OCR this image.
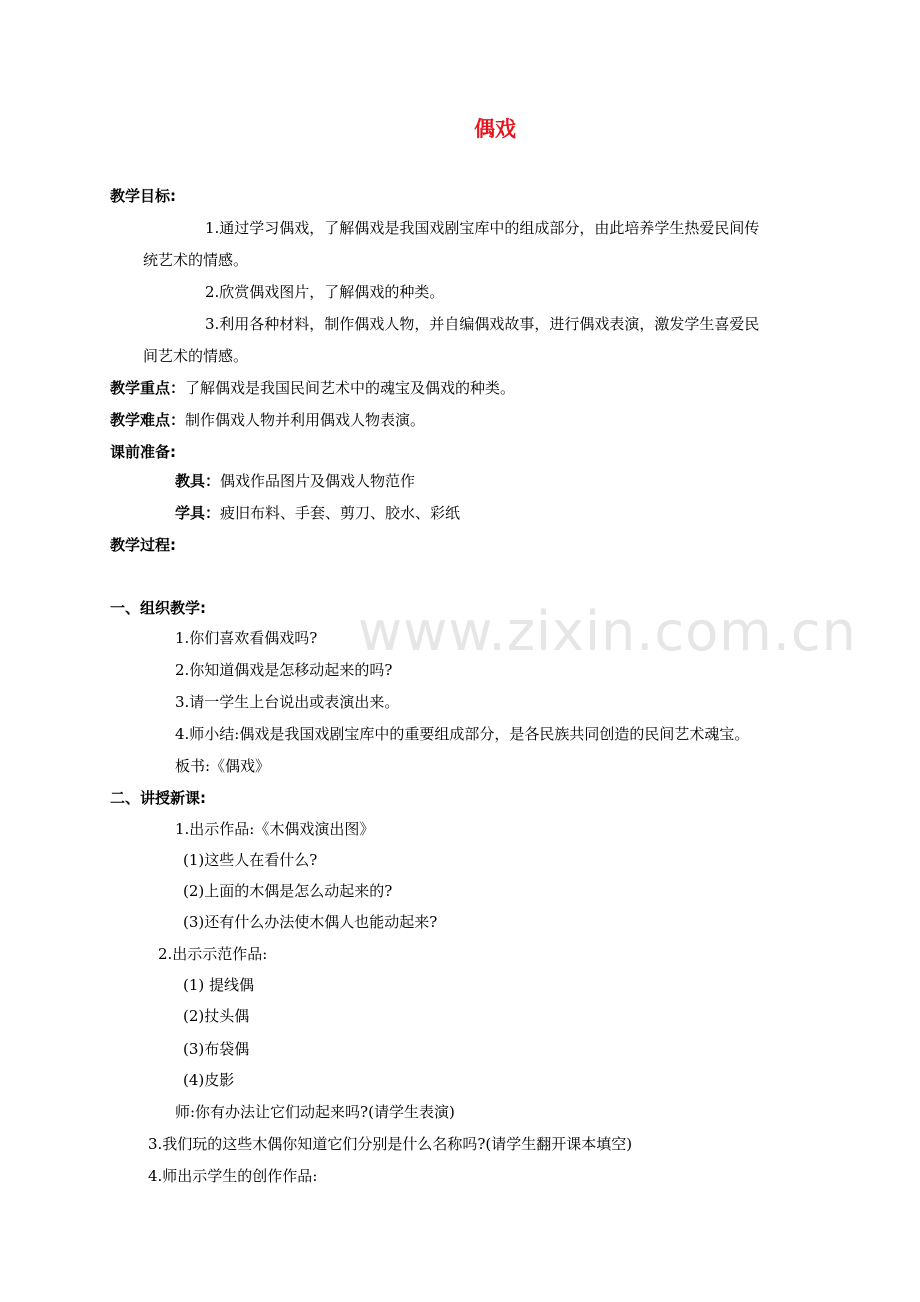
www.zixin.com.cn
偶戏
教学目标:
1.通过学习偶戏，了解偶戏是我国戏剧宝库中的组成部分，由此培养学生热爱民间传
统艺术的情感。
2.欣赏偶戏图片，了解偶戏的种类。
3.利用各种材料，制作偶戏人物，并自编偶戏故事，进行偶戏表演，激发学生喜爱民
间艺术的情感。
教学重点：了解偶戏是我国民间艺术中的魂宝及偶戏的种类。
教学难点：制作偶戏人物并利用偶戏人物表演。
课前准备:
教具：偶戏作品图片及偶戏人物范作
学具：疲旧布料、手套、剪刀、胶水、彩纸
教学过程:
一、组织教学:
1.你们喜欢看偶戏吗?
2.你知道偶戏是怎移动起来的吗?
3.请一学生上台说出或表演出来。
4.师小结:偶戏是我国戏剧宝库中的重要组成部分，是各民族共同创造的民间艺术魂宝。
板书:《偶戏》
二、讲授新课:
1.出示作品:《木偶戏演出图》
(1)这些人在看什么?
(2)上面的木偶是怎么动起来的?
(3)还有什么办法使木偶人也能动起来?
2.出示示范作品:
(1) 提线偶
(2)扙头偶
(3)布袋偶
(4)皮影
师:你有办法让它们动起来吗?(请学生表演)
3.我们玩的这些木偶你知道它们分别是什么名称吗?(请学生翻开课本填空)
4.师出示学生的创作作品:
